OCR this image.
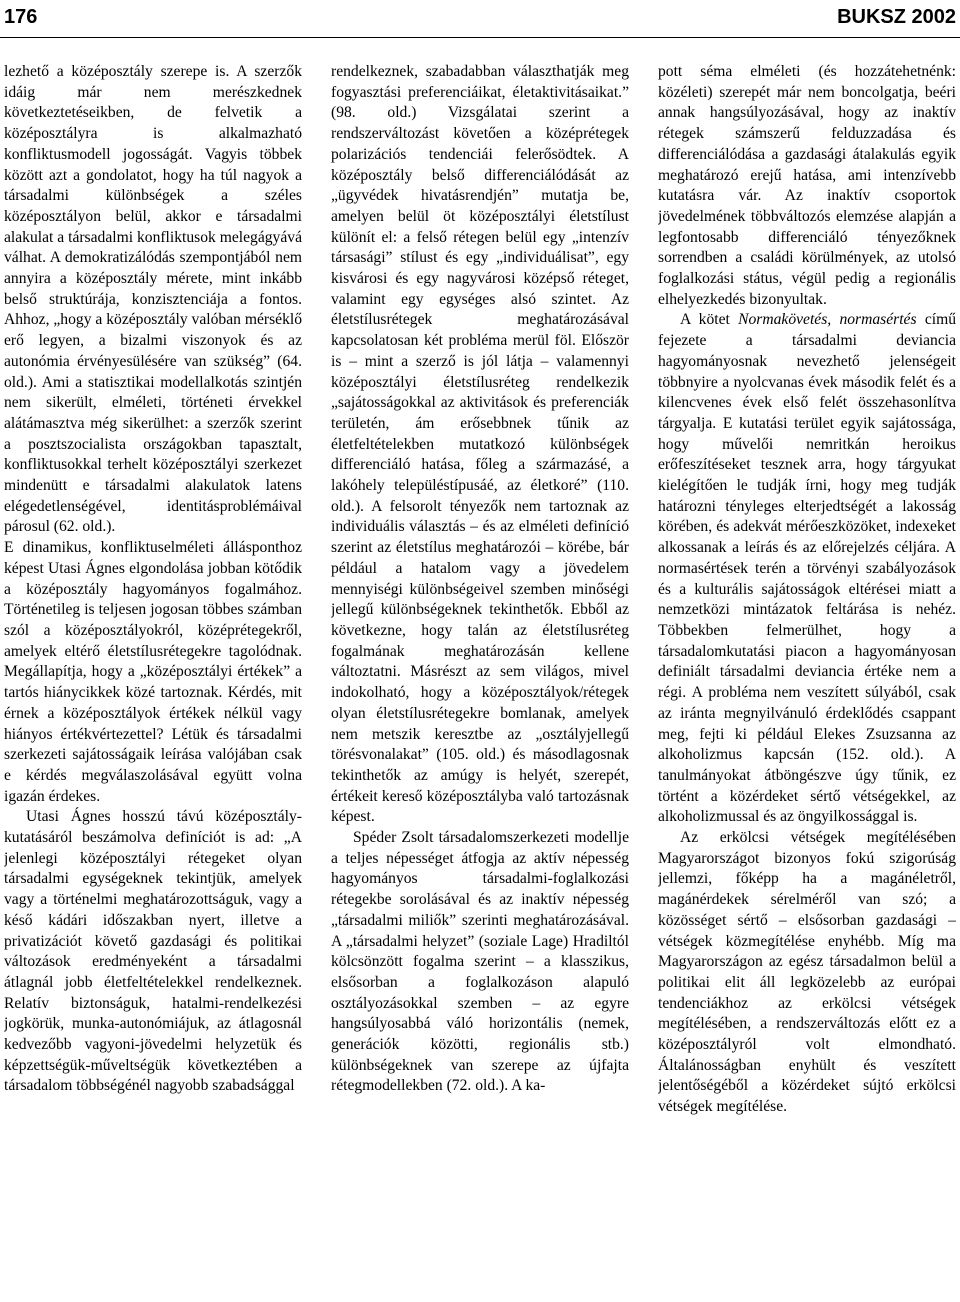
176	BUKSZ 2002

lezhető a középosztály szerepe is. A szerzők idáig már nem merészkednek következtetéseikben, de felvetik a középosztályra is alkalmazható konfliktusmodell jogosságát. Vagyis többek között azt a gondolatot, hogy ha túl nagyok a társadalmi különbségek a széles középosztályon belül, akkor e társadalmi alakulat a társadalmi konfliktusok melegágyává válhat. A demokratizálódás szempontjából nem annyira a középosztály mérete, mint inkább belső struktúrája, konzisztenciája a fontos. Ahhoz, „hogy a középosztály valóban mérséklő erő legyen, a bizalmi viszonyok és az autonómia érvényesülésére van szükség” (64. old.). Ami a statisztikai modellalkotás szintjén nem sikerült, elméleti, történeti érvekkel alátámasztva még sikerülhet: a szerzők szerint a posztszocialista országokban tapasztalt, konfliktusokkal terhelt középosztályi szerkezet mindenütt e társadalmi alakulatok latens elégedetlenségével, identitásproblémáival párosul (62. old.).

E dinamikus, konfliktuselméleti állásponthoz képest Utasi Ágnes elgondolása jobban kötődik a középosztály hagyományos fogalmához. Történetileg is teljesen jogosan többes számban szól a középosztályokról, középrétegekről, amelyek eltérő életstílusrétegekre tagolódnak. Megállapítja, hogy a „középosztályi értékek” a tartós hiánycikkek közé tartoznak. Kérdés, mit érnek a középosztályok értékek nélkül vagy hiányos értékvértezettel? Létük és társadalmi szerkezeti sajátosságaik leírása valójában csak e kérdés megválaszolásával együtt volna igazán érdekes.

Utasi Ágnes hosszú távú középosztály-kutatásáról beszámolva definíciót is ad: „A jelenlegi középosztályi rétegeket olyan társadalmi egységeknek tekintjük, amelyek vagy a történelmi meghatározottságuk, vagy a késő kádári időszakban nyert, illetve a privatizációt követő gazdasági és politikai változások eredményeként a társadalmi átlagnál jobb életfeltételekkel rendelkeznek. Relatív biztonságuk, hatalmi-rendelkezési jogkörük, munka-autonómiájuk, az átlagosnál kedvezőbb vagyoni-jövedelmi helyzetük és képzettségük-műveltségük következtében a társadalom többségénél nagyobb szabadsággal

rendelkeznek, szabadabban választhatják meg fogyasztási preferenciáikat, életaktivitásaikat.” (98. old.) Vizsgálatai szerint a rendszerváltozást követően a középrétegek polarizációs tendenciái felerősödtek. A középosztály belső differenciálódását az „ügyvédek hivatásrendjén” mutatja be, amelyen belül öt középosztályi életstílust különít el: a felső rétegen belül egy „intenzív társasági” stílust és egy „individuálisat”, egy kisvárosi és egy nagyvárosi középső réteget, valamint egy egységes alsó szintet. Az életstílusrétegek meghatározásával kapcsolatosan két probléma merül föl. Először is – mint a szerző is jól látja – valamennyi középosztályi életstílusréteg rendelkezik „sajátosságokkal az aktivitások és preferenciák területén, ám erősebbnek tűnik az életfeltételekben mutatkozó különbségek differenciáló hatása, főleg a származásé, a lakóhely településtípusáé, az életkoré” (110. old.). A felsorolt tényezők nem tartoznak az individuális választás – és az elméleti definíció szerint az életstílus meghatározói – körébe, bár például a hatalom vagy a jövedelem mennyiségi különbségeivel szemben minőségi jellegű különbségeknek tekinthetők. Ebből az következne, hogy talán az életstílusréteg fogalmának meghatározásán kellene változtatni. Másrészt az sem világos, mivel indokolható, hogy a középosztályok/rétegek olyan életstílusrétegekre bomlanak, amelyek nem metszik keresztbe az „osztályjellegű törésvonalakat” (105. old.) és másodlagosnak tekinthetők az amúgy is helyét, szerepét, értékeit kereső középosztályba való tartozásnak képest.

Spéder Zsolt társadalomszerkezeti modellje a teljes népességet átfogja az aktív népesség hagyományos társadalmi-foglalkozási rétegekbe sorolásával és az inaktív népesség „társadalmi miliők” szerinti meghatározásával. A „társadalmi helyzet” (soziale Lage) Hradiltól kölcsönzött fogalma szerint – a klasszikus, elsősorban a foglalkozáson alapuló osztályozásokkal szemben – az egyre hangsúlyosabbá váló horizontális (nemek, generációk közötti, regionális stb.) különbségeknek van szerepe az újfajta rétegmodellekben (72. old.). A ka-

pott séma elméleti (és hozzátehetnénk: közéleti) szerepét már nem boncolgatja, beéri annak hangsúlyozásával, hogy az inaktív rétegek számszerű felduzzadása és differenciálódása a gazdasági átalakulás egyik meghatározó erejű hatása, ami intenzívebb kutatásra vár. Az inaktív csoportok jövedelmének többváltozós elemzése alapján a legfontosabb differenciáló tényezőknek sorrendben a családi körülmények, az utolsó foglalkozási státus, végül pedig a regionális elhelyezkedés bizonyultak.

A kötet Normakövetés, normasértés című fejezete a társadalmi deviancia hagyományosnak nevezhető jelenségeit többnyire a nyolcvanas évek második felét és a kilencvenes évek első felét összehasonlítva tárgyalja. E kutatási terület egyik sajátossága, hogy művelői nemritkán heroikus erőfeszítéseket tesznek arra, hogy tárgyukat kielégítően le tudják írni, hogy meg tudják határozni tényleges elterjedtségét a lakosság körében, és adekvát mérőeszközöket, indexeket alkossanak a leírás és az előrejelzés céljára. A normasértések terén a törvényi szabályozások és a kulturális sajátosságok eltérései miatt a nemzetközi mintázatok feltárása is nehéz. Többekben felmerülhet, hogy a társadalomkutatási piacon a hagyományosan definiált társadalmi deviancia értéke nem a régi. A probléma nem veszített súlyából, csak az iránta megnyilvánuló érdeklődés csappant meg, fejti ki például Elekes Zsuzsanna az alkoholizmus kapcsán (152. old.). A tanulmányokat átböngészve úgy tűnik, ez történt a közérdeket sértő vétségekkel, az alkoholizmussal és az öngyilkossággal is.

Az erkölcsi vétségek megítélésében Magyarországot bizonyos fokú szigorúság jellemzi, főképp ha a magánéletről, magánérdekek sérelméről van szó; a közösséget sértő – elsősorban gazdasági – vétségek közmegítélése enyhébb. Míg ma Magyarországon az egész társadalmon belül a politikai elit áll legközelebb az európai tendenciákhoz az erkölcsi vétségek megítélésében, a rendszerváltozás előtt ez a középosztályról volt elmondható. Általánosságban enyhült és veszített jelentőségéből a közérdeket sújtó erkölcsi vétségek megítélése.
